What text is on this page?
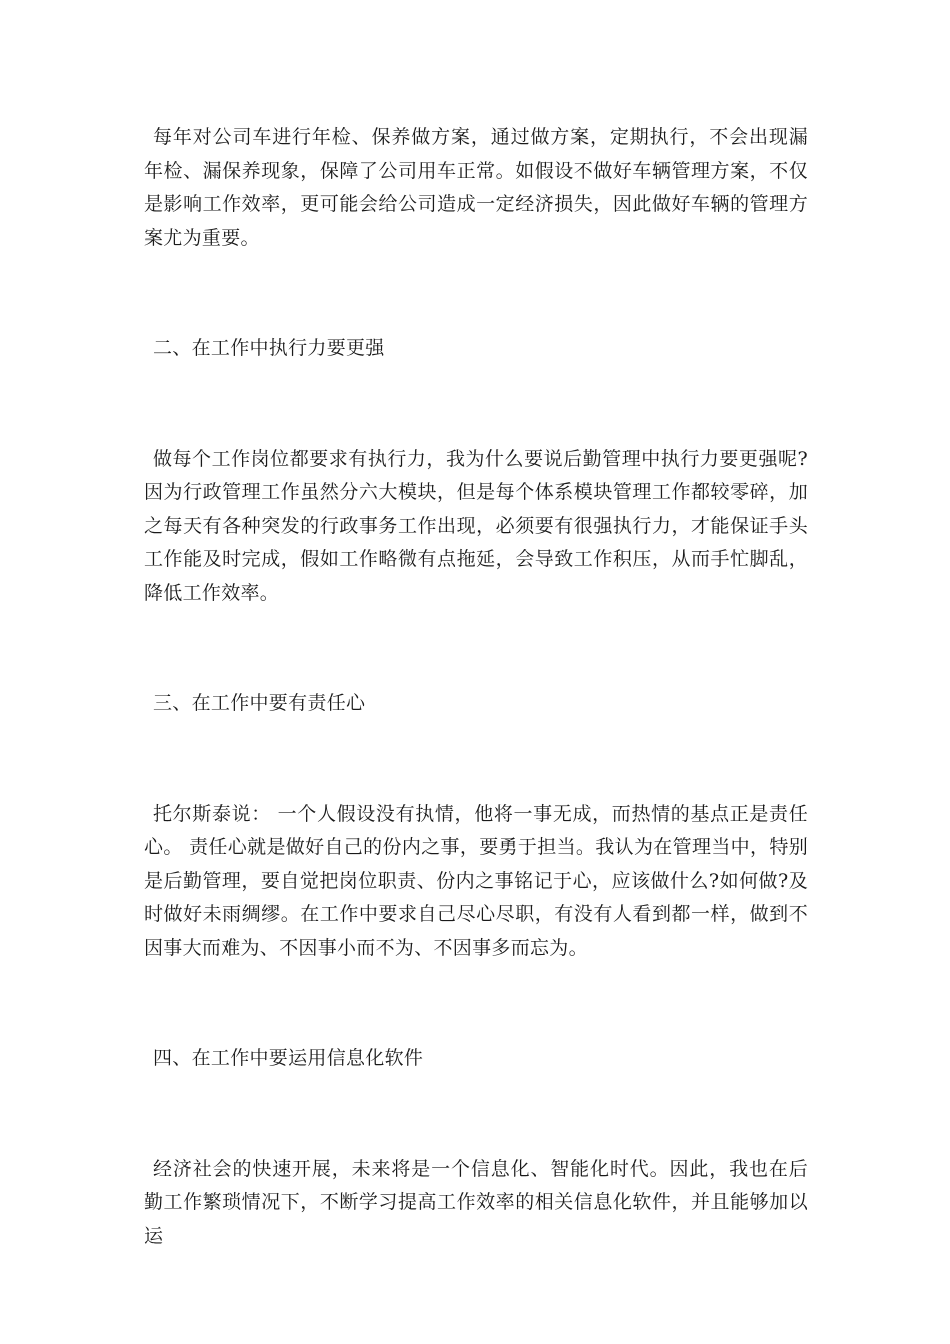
每年对公司车进行年检、保养做方案，通过做方案，定期执行，不会出现漏年检、漏保养现象，保障了公司用车正常。如假设不做好车辆管理方案，不仅是影响工作效率，更可能会给公司造成一定经济损失，因此做好车辆的管理方案尤为重要。

二、在工作中执行力要更强

做每个工作岗位都要求有执行力，我为什么要说后勤管理中执行力要更强呢?因为行政管理工作虽然分六大模块，但是每个体系模块管理工作都较零碎，加之每天有各种突发的行政事务工作出现，必须要有很强执行力，才能保证手头工作能及时完成，假如工作略微有点拖延，会导致工作积压，从而手忙脚乱，降低工作效率。

三、在工作中要有责任心

托尔斯泰说： 一个人假设没有执情，他将一事无成，而热情的基点正是责任心。 责任心就是做好自己的份内之事，要勇于担当。我认为在管理当中，特别是后勤管理，要自觉把岗位职责、份内之事铭记于心，应该做什么?如何做?及时做好未雨绸缪。在工作中要求自己尽心尽职，有没有人看到都一样，做到不因事大而难为、不因事小而不为、不因事多而忘为。

四、在工作中要运用信息化软件

经济社会的快速开展，未来将是一个信息化、智能化时代。因此，我也在后勤工作繁琐情况下，不断学习提高工作效率的相关信息化软件，并且能够加以运
